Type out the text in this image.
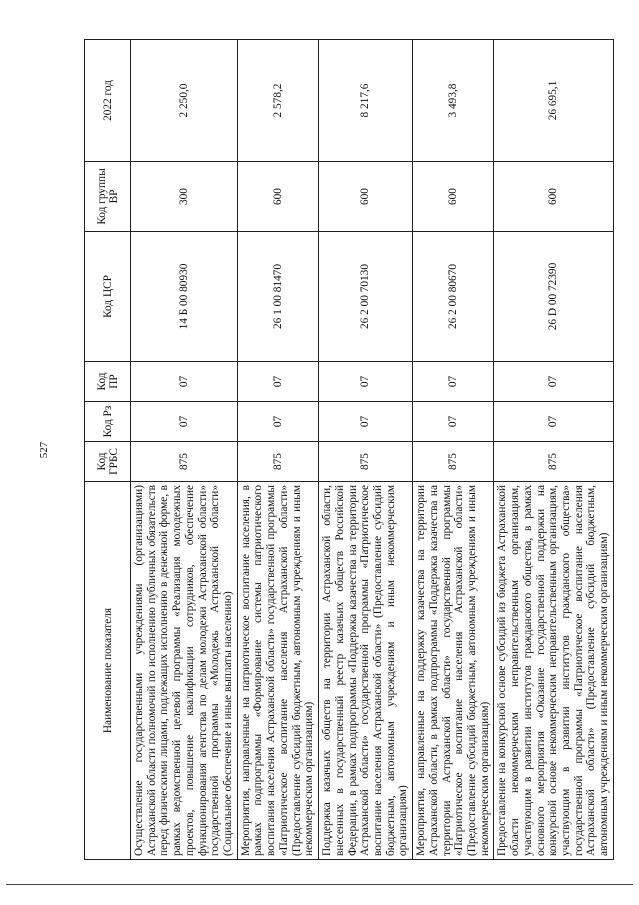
527
Наименование показателя	Код ГРБС	Код Рз	Код ПР	Код ЦСР	Код группы ВР	2022 год
Осуществление государственными учреждениями (организациями) Астраханской области полномочий по исполнению публичных обязательств перед физическими лицами, подлежащих исполнению в денежной форме, в рамках ведомственной целевой программы «Реализация молодежных проектов, повышение квалификации сотрудников, обеспечение функционирования агентства по делам молодежи Астраханской области» государственной программы «Молодежь Астраханской области» (Социальное обеспечение и иные выплаты населению)	875	07	07	14 Б 00 80930	300	2 250,0
Мероприятия, направленные на патриотическое воспитание населения, в рамках подпрограммы «Формирование системы патриотического воспитания населения Астраханской области» государственной программы «Патриотическое воспитание населения Астраханской области» (Предоставление субсидий бюджетным, автономным учреждениям и иным некоммерческим организациям)	875	07	07	26 1 00 81470	600	2 578,2
Поддержка казачьих обществ на территории Астраханской области, внесенных в государственный реестр казачьих обществ Российской Федерации, в рамках подпрограммы «Поддержка казачества на территории Астраханской области» государственной программы «Патриотическое воспитание населения Астраханской области» (Предоставление субсидий бюджетным, автономным учреждениям и иным некоммерческим организациям)	875	07	07	26 2 00 70130	600	8 217,6
Мероприятия, направленные на поддержку казачества на территории Астраханской области, в рамках подпрограммы «Поддержка казачества на территории Астраханской области» государственной программы «Патриотическое воспитание населения Астраханской области» (Предоставление субсидий бюджетным, автономным учреждениям и иным некоммерческим организациям)	875	07	07	26 2 00 80670	600	3 493,8
Предоставление на конкурсной основе субсидий из бюджета Астраханской области некоммерческим неправительственным организациям, участвующим в развитии институтов гражданского общества, в рамках основного мероприятия «Оказание государственной поддержки на конкурсной основе некоммерческим неправительственным организациям, участвующим в развитии институтов гражданского общества» государственной программы «Патриотическое воспитание населения Астраханской области» (Предоставление субсидий бюджетным, автономным учреждениям и иным некоммерческим организациям)	875	07	07	26 D 00 72390	600	26 695,1
